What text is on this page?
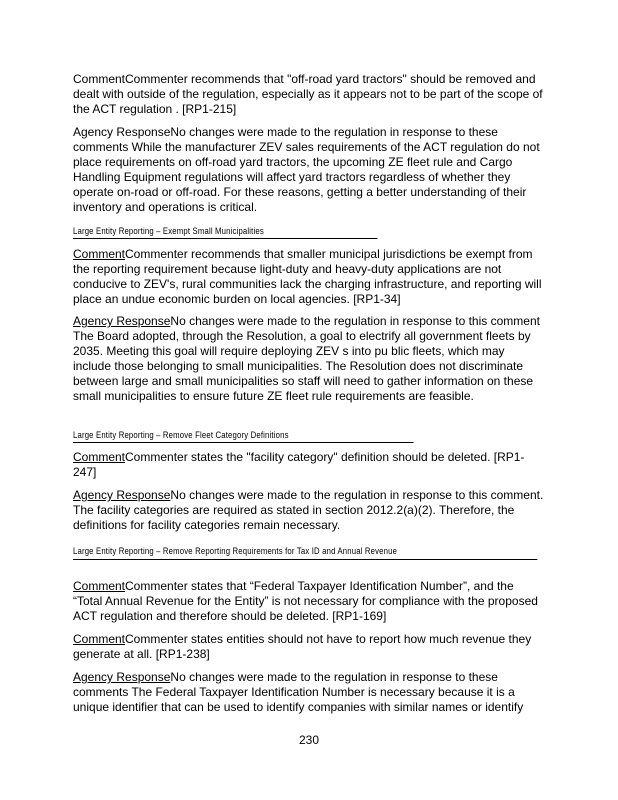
CommentCommenter recommends that "off-road yard tractors" should be removed and dealt with outside of the regulation, especially as it appears not to be part of the scope of the ACT regulation . [RP1-215]

Agency ResponseNo changes were made to the regulation in response to these comments While the manufacturer ZEV sales requirements of the ACT regulation do not place requirements on off-road yard tractors, the upcoming ZE fleet rule and Cargo Handling Equipment regulations will affect yard tractors regardless of whether they operate on-road or off-road. For these reasons, getting a better understanding of their inventory and operations is critical.

Large Entity Reporting – Exempt Small Municipalities

CommentCommenter recommends that smaller municipal jurisdictions be exempt from the reporting requirement because light-duty and heavy-duty applications are not conducive to ZEV's, rural communities lack the charging infrastructure, and reporting will place an undue economic burden on local agencies. [RP1-34]

Agency ResponseNo changes were made to the regulation in response to this comment The Board adopted, through the Resolution, a goal to electrify all government fleets by 2035. Meeting this goal will require deploying ZEV s into pu blic fleets, which may include those belonging to small municipalities. The Resolution does not discriminate between large and small municipalities so staff will need to gather information on these small municipalities to ensure future ZE fleet rule requirements are feasible.

Large Entity Reporting – Remove Fleet Category Definitions

CommentCommenter states the "facility category" definition should be deleted. [RP1-247]

Agency ResponseNo changes were made to the regulation in response to this comment. The facility categories are required as stated in section 2012.2(a)(2). Therefore, the definitions for facility categories remain necessary.

Large Entity Reporting – Remove Reporting Requirements for Tax ID and Annual Revenue

CommentCommenter states that “Federal Taxpayer Identification Number”, and the “Total Annual Revenue for the Entity” is not necessary for compliance with the proposed ACT regulation and therefore should be deleted. [RP1-169]

CommentCommenter states entities should not have to report how much revenue they generate at all. [RP1-238]

Agency ResponseNo changes were made to the regulation in response to these comments The Federal Taxpayer Identification Number is necessary because it is a unique identifier that can be used to identify companies with similar names or identify

230
